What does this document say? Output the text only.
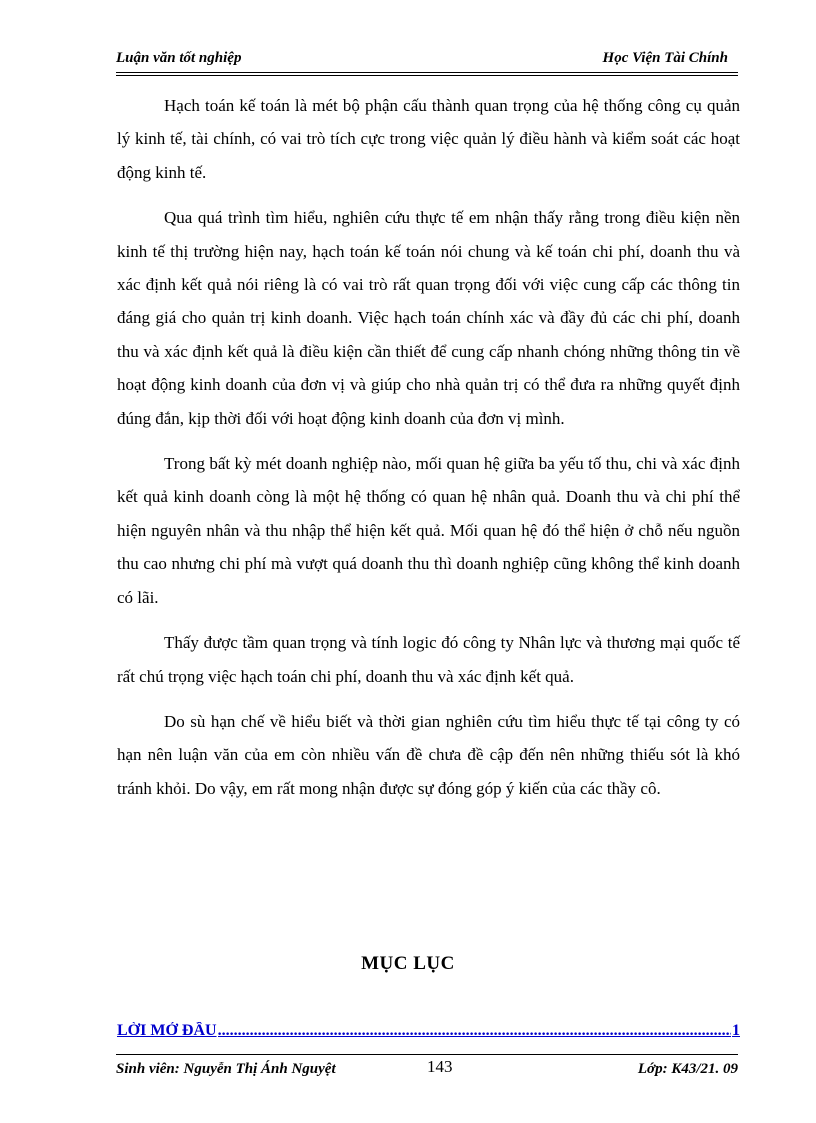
Luận văn tốt nghiệp	Học Viện Tài Chính

Hạch toán kế toán là mét bộ phận cấu thành quan trọng của hệ thống công cụ quản lý kinh tế, tài chính, có vai trò tích cực trong việc quản lý điều hành và kiểm soát các hoạt động kinh tế.

Qua quá trình tìm hiểu, nghiên cứu thực tế em nhận thấy rằng trong điều kiện nền kinh tế thị trường hiện nay, hạch toán kế toán nói chung và kế toán chi phí, doanh thu và xác định kết quả nói riêng là có vai trò rất quan trọng đối với việc cung cấp các thông tin đáng giá cho quản trị kinh doanh. Việc hạch toán chính xác và đầy đủ các chi phí, doanh thu và xác định kết quả là điều kiện cần thiết để cung cấp nhanh chóng những thông tin về hoạt động kinh doanh của đơn vị và giúp cho nhà quản trị có thể đưa ra những quyết định đúng đắn, kịp thời đối với hoạt động kinh doanh của đơn vị mình.

Trong bất kỳ mét doanh nghiệp nào, mối quan hệ giữa ba yếu tố thu, chi và xác định kết quả kinh doanh còng là một hệ thống có quan hệ nhân quả. Doanh thu và chi phí thể hiện nguyên nhân và thu nhập thể hiện kết quả. Mối quan hệ đó thể hiện ở chỗ nếu nguồn thu cao nhưng chi phí mà vượt quá doanh thu thì doanh nghiệp cũng không thể kinh doanh có lãi.

Thấy được tầm quan trọng và tính logic đó công ty Nhân lực và thương mại quốc tế rất chú trọng việc hạch toán chi phí, doanh thu và xác định kết quả.

Do sù hạn chế về hiểu biết và thời gian nghiên cứu tìm hiểu thực tế tại công ty có hạn nên luận văn của em còn nhiều vấn đề chưa đề cập đến nên những thiếu sót là khó tránh khỏi. Do vậy, em rất mong nhận được sự đóng góp ý kiến của các thầy cô.

MỤC LỤC
LỜI MỞ ĐẦU
.....	1
Sinh viên: Nguyễn Thị Ánh Nguyệt	143	Lớp: K43/21. 09
